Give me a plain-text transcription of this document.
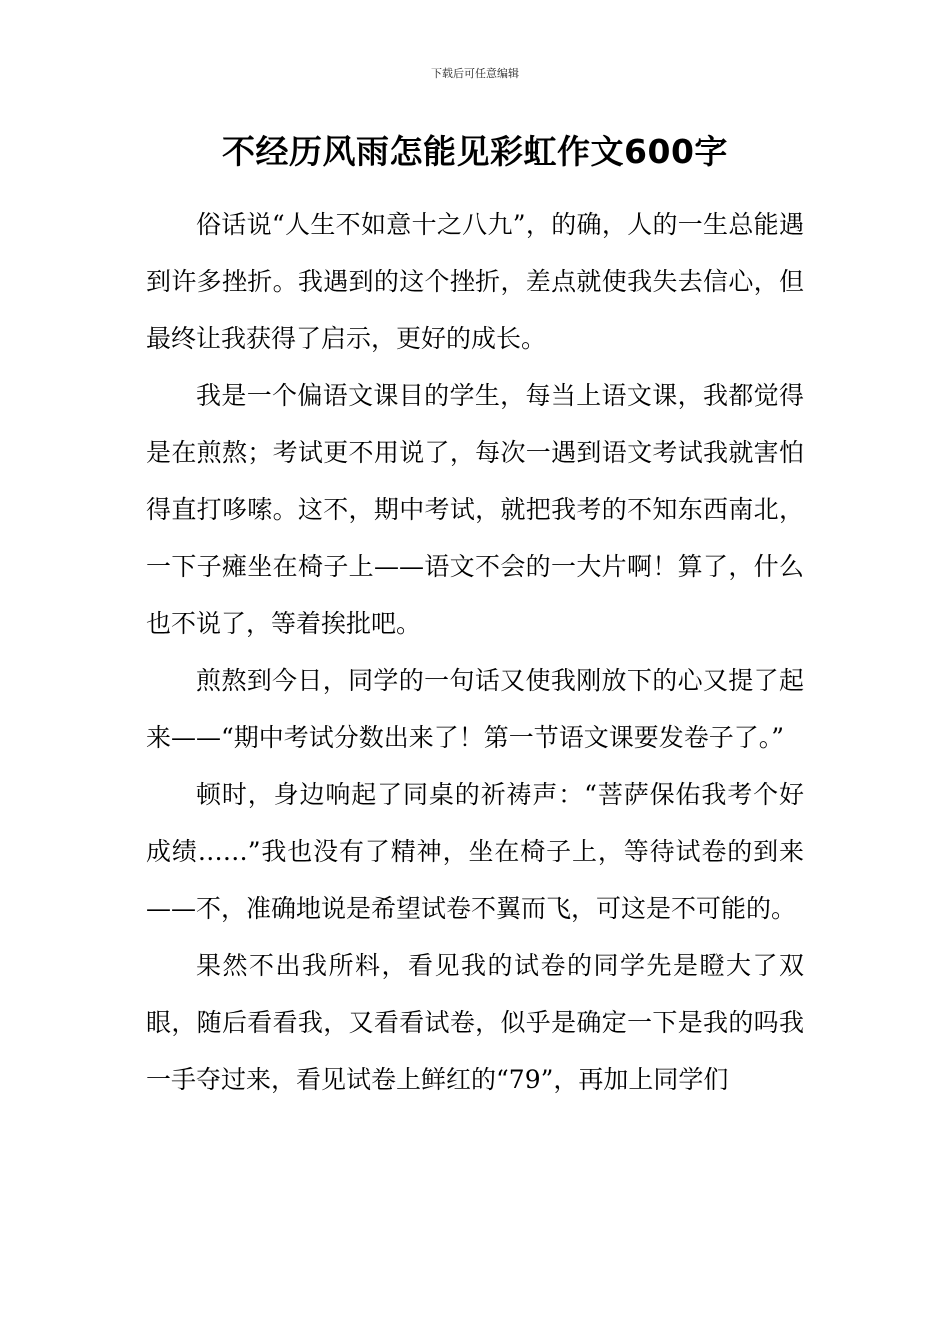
下载后可任意编辑
不经历风雨怎能见彩虹作文600字

俗话说“人生不如意十之八九”，的确，人的一生总能遇到许多挫折。我遇到的这个挫折，差点就使我失去信心，但最终让我获得了启示，更好的成长。

我是一个偏语文课目的学生，每当上语文课，我都觉得是在煎熬；考试更不用说了，每次一遇到语文考试我就害怕得直打哆嗦。这不，期中考试，就把我考的不知东西南北，一下子瘫坐在椅子上——语文不会的一大片啊！算了，什么也不说了，等着挨批吧。

煎熬到今日，同学的一句话又使我刚放下的心又提了起来——“期中考试分数出来了！第一节语文课要发卷子了。”

顿时，身边响起了同桌的祈祷声：“菩萨保佑我考个好成绩……”我也没有了精神，坐在椅子上，等待试卷的到来——不，准确地说是希望试卷不翼而飞，可这是不可能的。

果然不出我所料，看见我的试卷的同学先是瞪大了双眼，随后看看我，又看看试卷，似乎是确定一下是我的吗我一手夺过来，看见试卷上鲜红的“79”，再加上同学们
